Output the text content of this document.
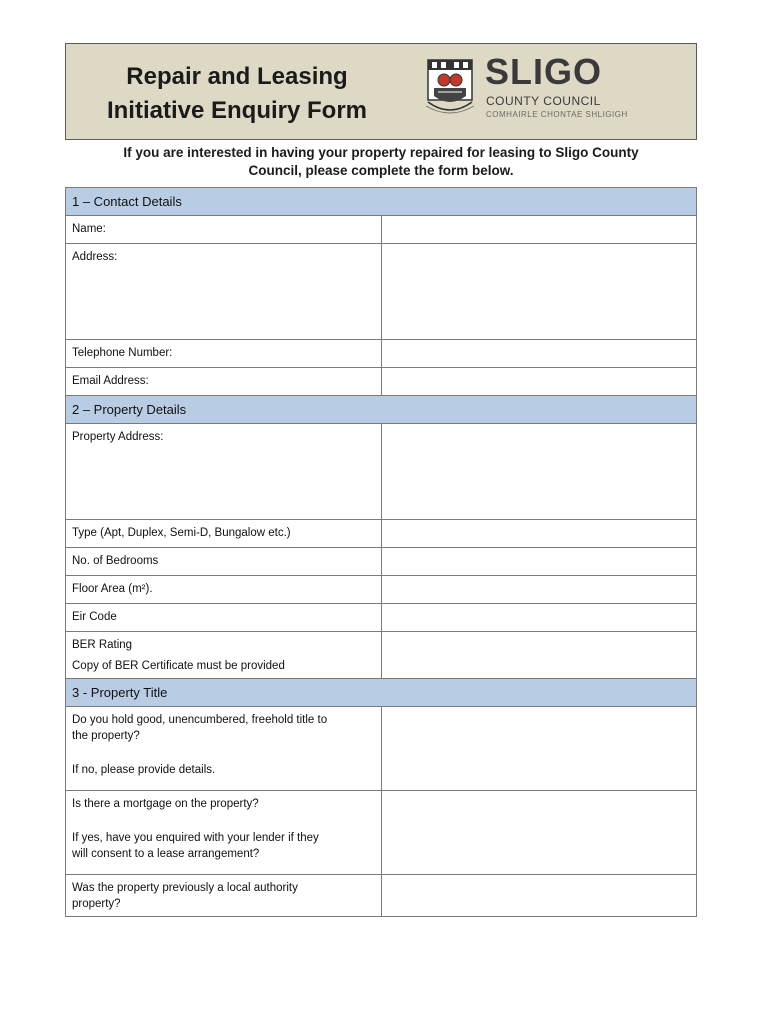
Repair and Leasing
Initiative Enquiry Form
SLIGO
COUNTY COUNCIL
COMHAIRLE CHONTAE SHLIGIGH
If you are interested in having your property repaired for leasing to Sligo County
Council, please complete the form below.
1 – Contact Details	
Name:	
Address:	
Telephone Number:	
Email Address:	
2 – Property Details	
Property Address:	
Type (Apt, Duplex, Semi-D, Bungalow etc.)	
No. of Bedrooms	
Floor Area (m²).	
Eir Code	

BER Rating
Copy of BER Certificate must be provided	

3 - Property Title	

Do you hold good, unencumbered, freehold title to
the property?
If no, please provide details.	

Is there a mortgage on the property?
If yes, have you enquired with your lender if they
will consent to a lease arrangement?	

Was the property previously a local authority
property?	
